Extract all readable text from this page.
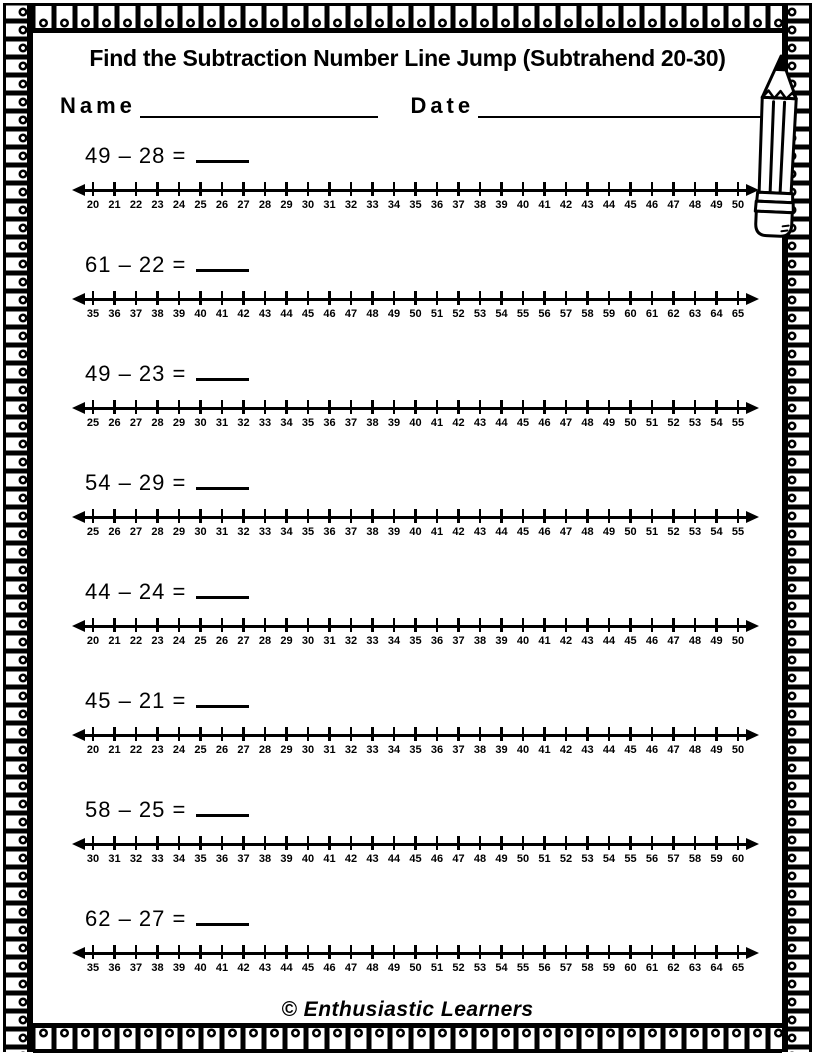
Find the Subtraction Number Line Jump (Subtrahend 20-30)
Name	Date
49 – 28 =
20 21 22 23 24 25 26 27 28 29 30 31 32 33 34 35 36 37 38 39 40 41 42 43 44 45 46 47 48 49 50
61 – 22 =
35 36 37 38 39 40 41 42 43 44 45 46 47 48 49 50 51 52 53 54 55 56 57 58 59 60 61 62 63 64 65
49 – 23 =
25 26 27 28 29 30 31 32 33 34 35 36 37 38 39 40 41 42 43 44 45 46 47 48 49 50 51 52 53 54 55
54 – 29 =
25 26 27 28 29 30 31 32 33 34 35 36 37 38 39 40 41 42 43 44 45 46 47 48 49 50 51 52 53 54 55
44 – 24 =
20 21 22 23 24 25 26 27 28 29 30 31 32 33 34 35 36 37 38 39 40 41 42 43 44 45 46 47 48 49 50
45 – 21 =
20 21 22 23 24 25 26 27 28 29 30 31 32 33 34 35 36 37 38 39 40 41 42 43 44 45 46 47 48 49 50
58 – 25 =
30 31 32 33 34 35 36 37 38 39 40 41 42 43 44 45 46 47 48 49 50 51 52 53 54 55 56 57 58 59 60
62 – 27 =
35 36 37 38 39 40 41 42 43 44 45 46 47 48 49 50 51 52 53 54 55 56 57 58 59 60 61 62 63 64 65
© Enthusiastic Learners
